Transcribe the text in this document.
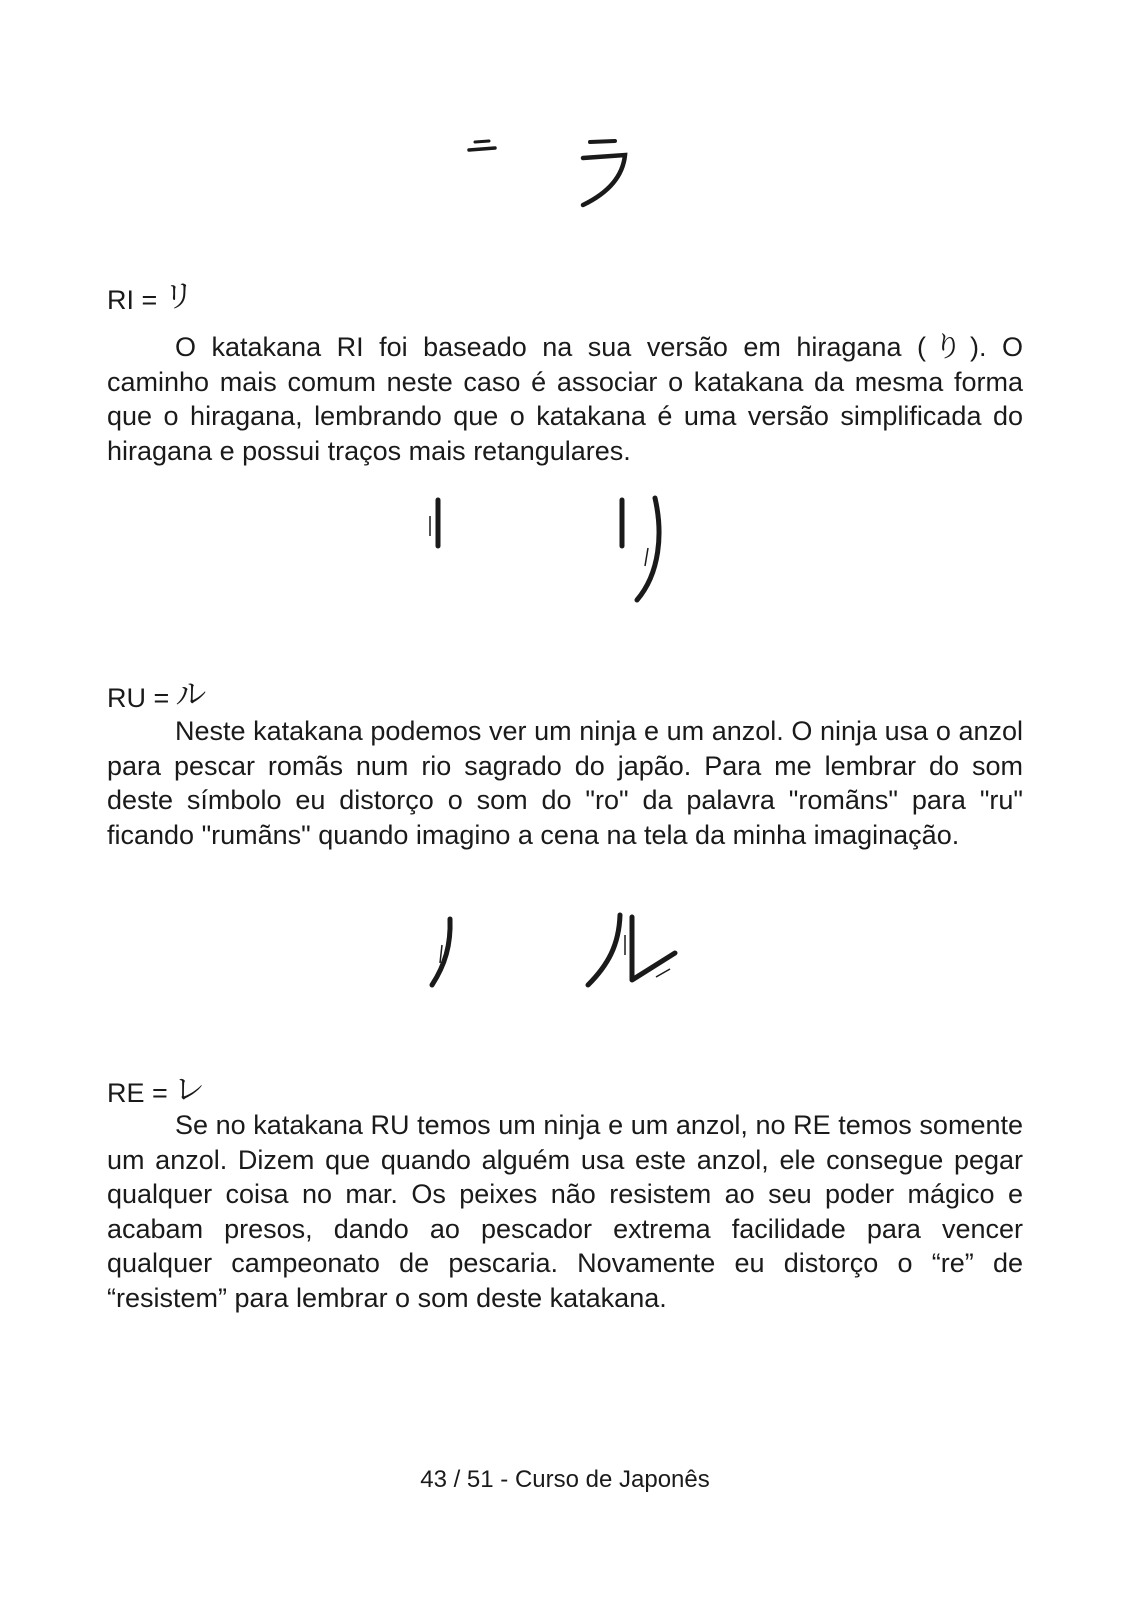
RI = リ

O katakana RI foi baseado na sua versão em hiragana (り). O caminho mais comum neste caso é associar o katakana da mesma forma que o hiragana, lembrando que o katakana é uma versão simplificada do hiragana e possui traços mais retangulares.

RU = ル

Neste katakana podemos ver um ninja e um anzol. O ninja usa o anzol para pescar romãs num rio sagrado do japão. Para me lembrar do som deste símbolo eu distorço o som do "ro" da palavra "romãns" para "ru" ficando "rumãns" quando imagino a cena na tela da minha imaginação.

RE = レ

Se no katakana RU temos um ninja e um anzol, no RE temos somente um anzol. Dizem que quando alguém usa este anzol, ele consegue pegar qualquer coisa no mar. Os peixes não resistem ao seu poder mágico e acabam presos, dando ao pescador extrema facilidade para vencer qualquer campeonato de pescaria. Novamente eu distorço o “re” de “resistem” para lembrar o som deste katakana.

43 / 51 - Curso de Japonês
